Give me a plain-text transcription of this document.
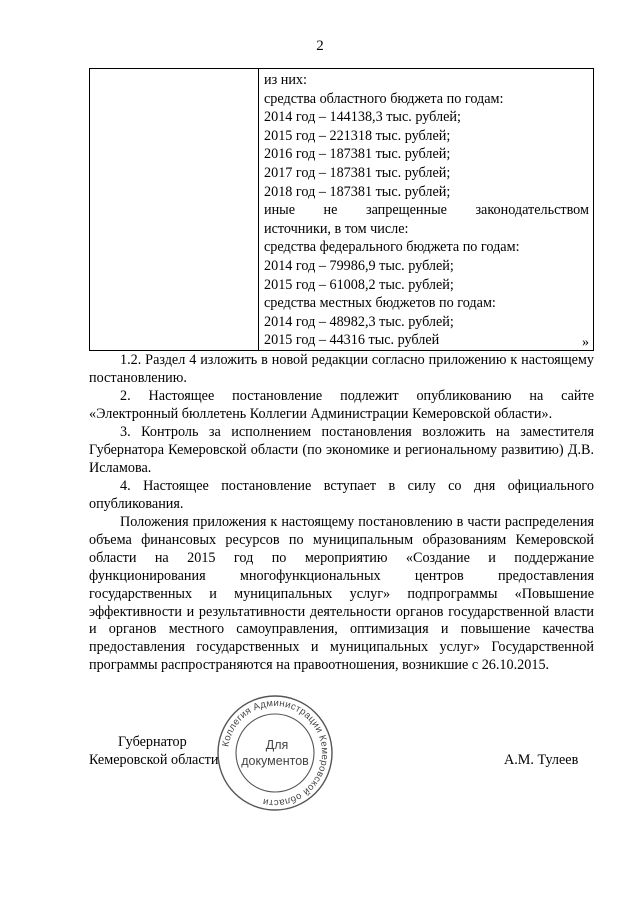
2

из них:
средства областного бюджета по годам:
2014 год – 144138,3 тыс. рублей;
2015 год – 221318 тыс. рублей;
2016 год – 187381 тыс. рублей;
2017 год – 187381 тыс. рублей;
2018 год – 187381 тыс. рублей;
иные не запрещенные законодательством
источники, в том числе:
средства федерального бюджета по годам:
2014 год – 79986,9 тыс. рублей;
2015 год – 61008,2 тыс. рублей;
средства местных бюджетов по годам:
2014 год – 48982,3 тыс. рублей;
2015 год – 44316 тыс. рублей	»
1.2. Раздел 4 изложить в новой редакции согласно приложению к настоящему постановлению.
2. Настоящее постановление подлежит опубликованию на сайте «Электронный бюллетень Коллегии Администрации Кемеровской области».
3. Контроль за исполнением постановления возложить на заместителя Губернатора Кемеровской области (по экономике и региональному развитию) Д.В. Исламова.
4. Настоящее постановление вступает в силу со дня официального опубликования.
Положения приложения к настоящему постановлению в части распределения объема финансовых ресурсов по муниципальным образованиям Кемеровской области на 2015 год по мероприятию «Создание и поддержание функционирования многофункциональных центров предоставления государственных и муниципальных услуг» подпрограммы «Повышение эффективности и результативности деятельности органов государственной власти и органов местного самоуправления, оптимизация и повышение качества предоставления государственных и муниципальных услуг» Государственной программы распространяются на правоотношения, возникшие с 26.10.2015.
Коллегия Администрации Кемеровской области
Для
документов
Губернатор
Кемеровской области	А.М. Тулеев
